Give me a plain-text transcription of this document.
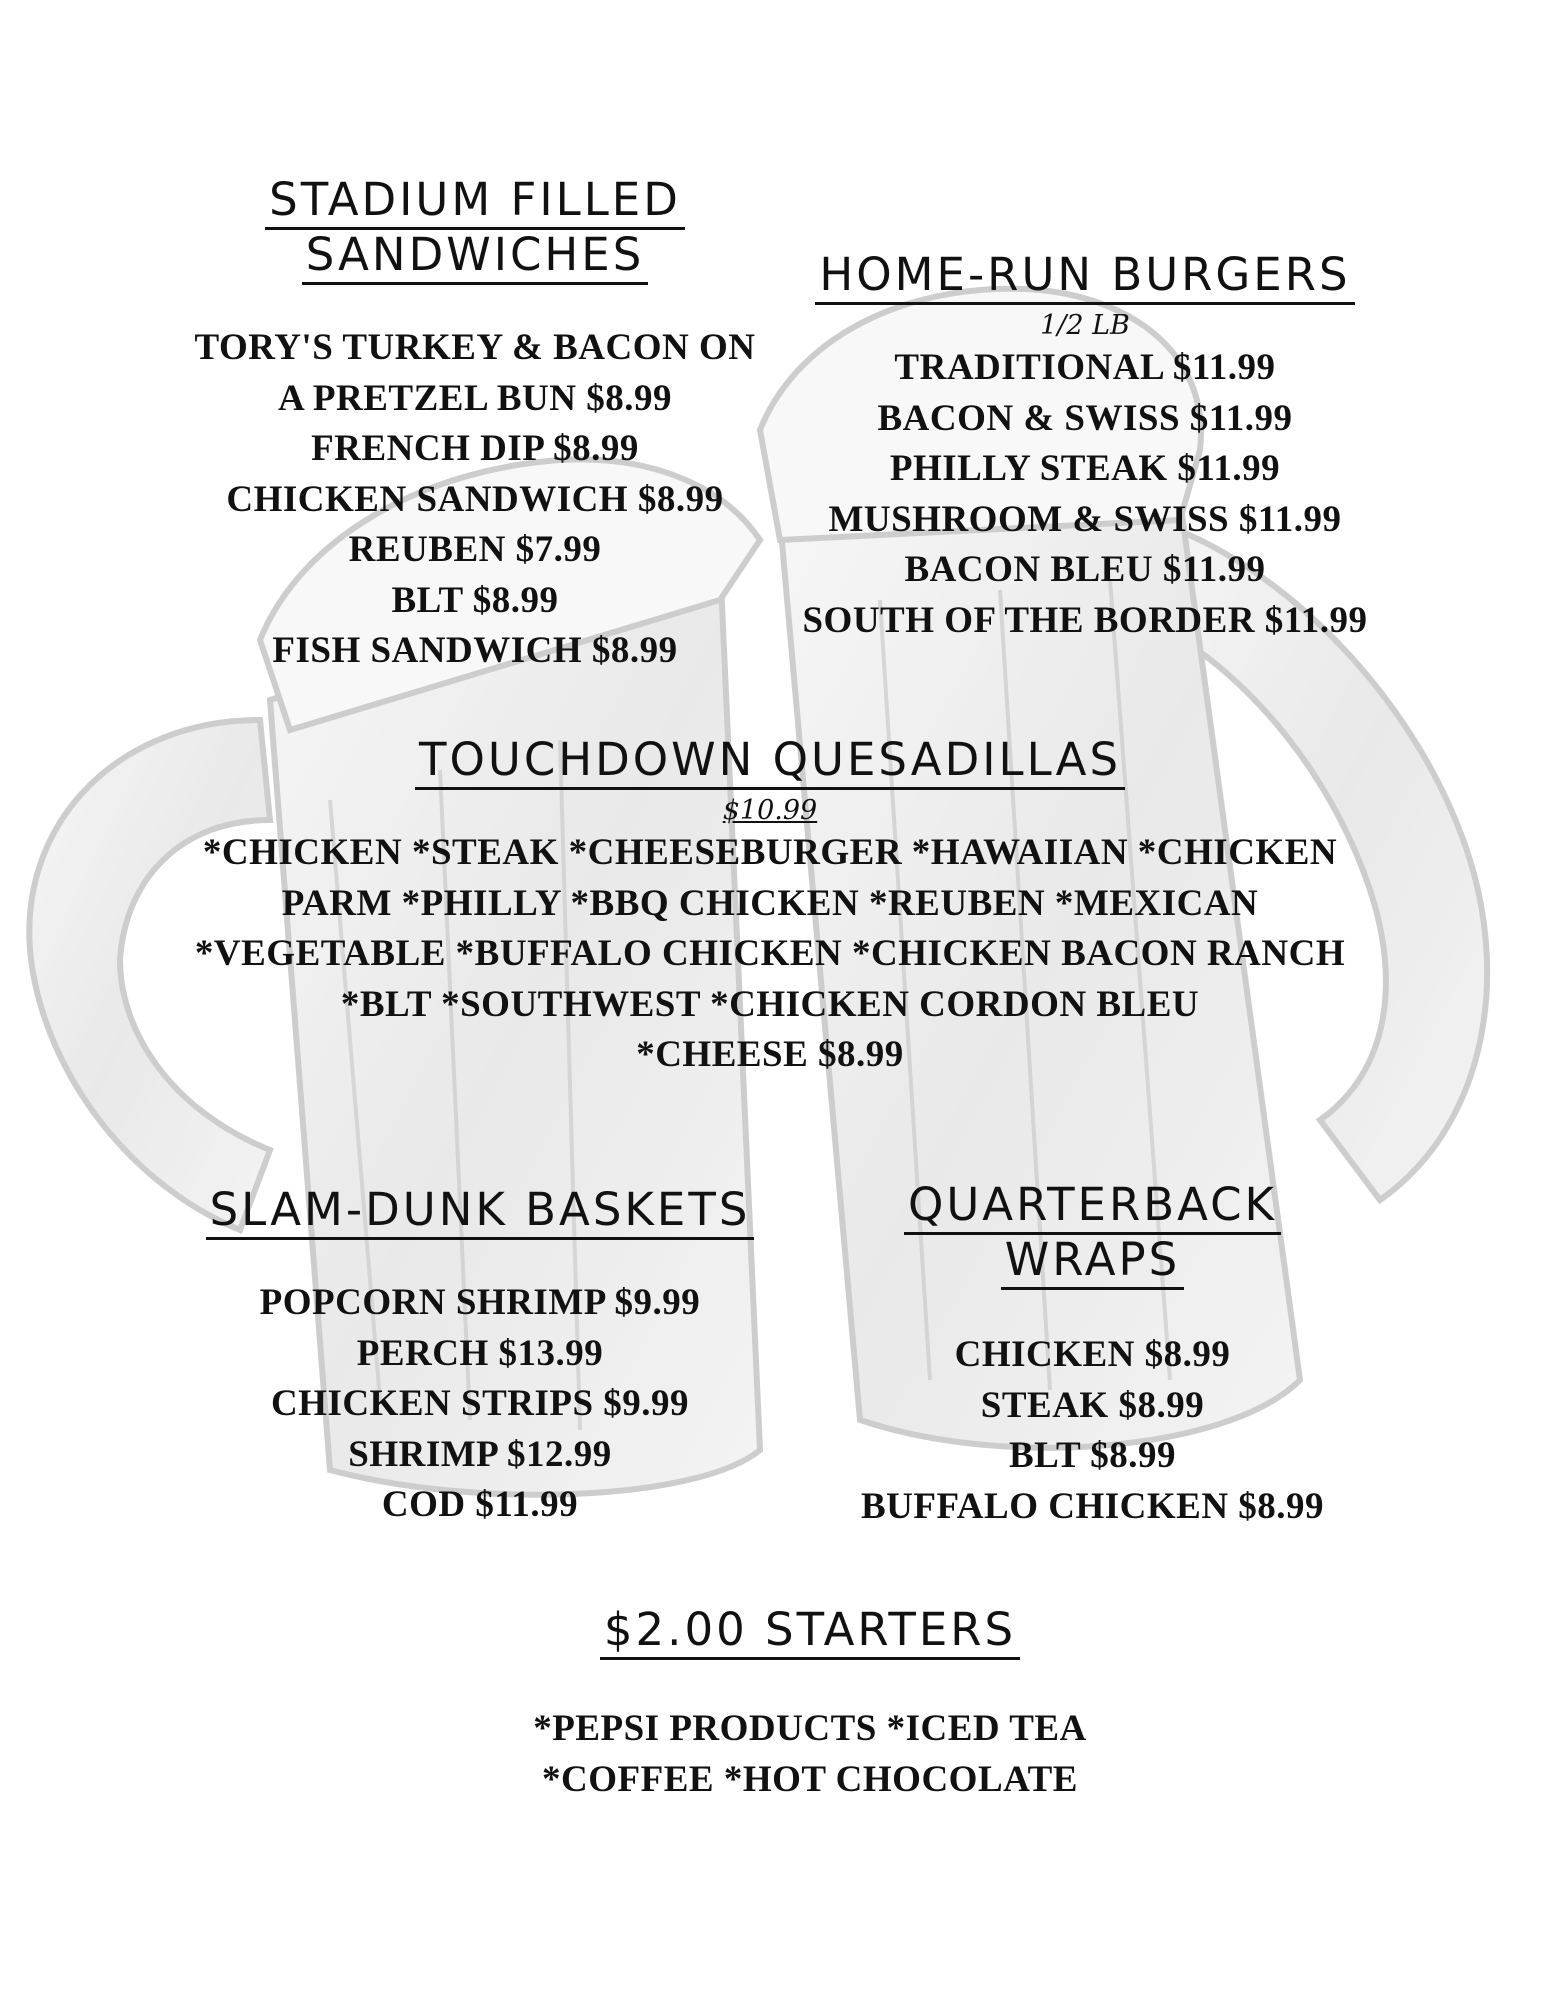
STADIUM FILLED
SANDWICHES
TORY'S TURKEY & BACON ON
A PRETZEL BUN $8.99
FRENCH DIP $8.99
CHICKEN SANDWICH $8.99
REUBEN $7.99
BLT $8.99
FISH SANDWICH $8.99
HOME-RUN BURGERS
1/2 LB
TRADITIONAL $11.99
BACON & SWISS $11.99
PHILLY STEAK $11.99
MUSHROOM & SWISS $11.99
BACON BLEU $11.99
SOUTH OF THE BORDER $11.99
TOUCHDOWN QUESADILLAS
$10.99
*CHICKEN *STEAK *CHEESEBURGER *HAWAIIAN *CHICKEN
PARM *PHILLY *BBQ CHICKEN *REUBEN *MEXICAN
*VEGETABLE *BUFFALO CHICKEN *CHICKEN BACON RANCH
*BLT *SOUTHWEST *CHICKEN CORDON BLEU
*CHEESE $8.99
SLAM-DUNK BASKETS
POPCORN SHRIMP $9.99
PERCH $13.99
CHICKEN STRIPS $9.99
SHRIMP $12.99
COD $11.99
QUARTERBACK
WRAPS
CHICKEN $8.99
STEAK $8.99
BLT $8.99
BUFFALO CHICKEN $8.99
$2.00 STARTERS
*PEPSI PRODUCTS *ICED TEA
*COFFEE *HOT CHOCOLATE
